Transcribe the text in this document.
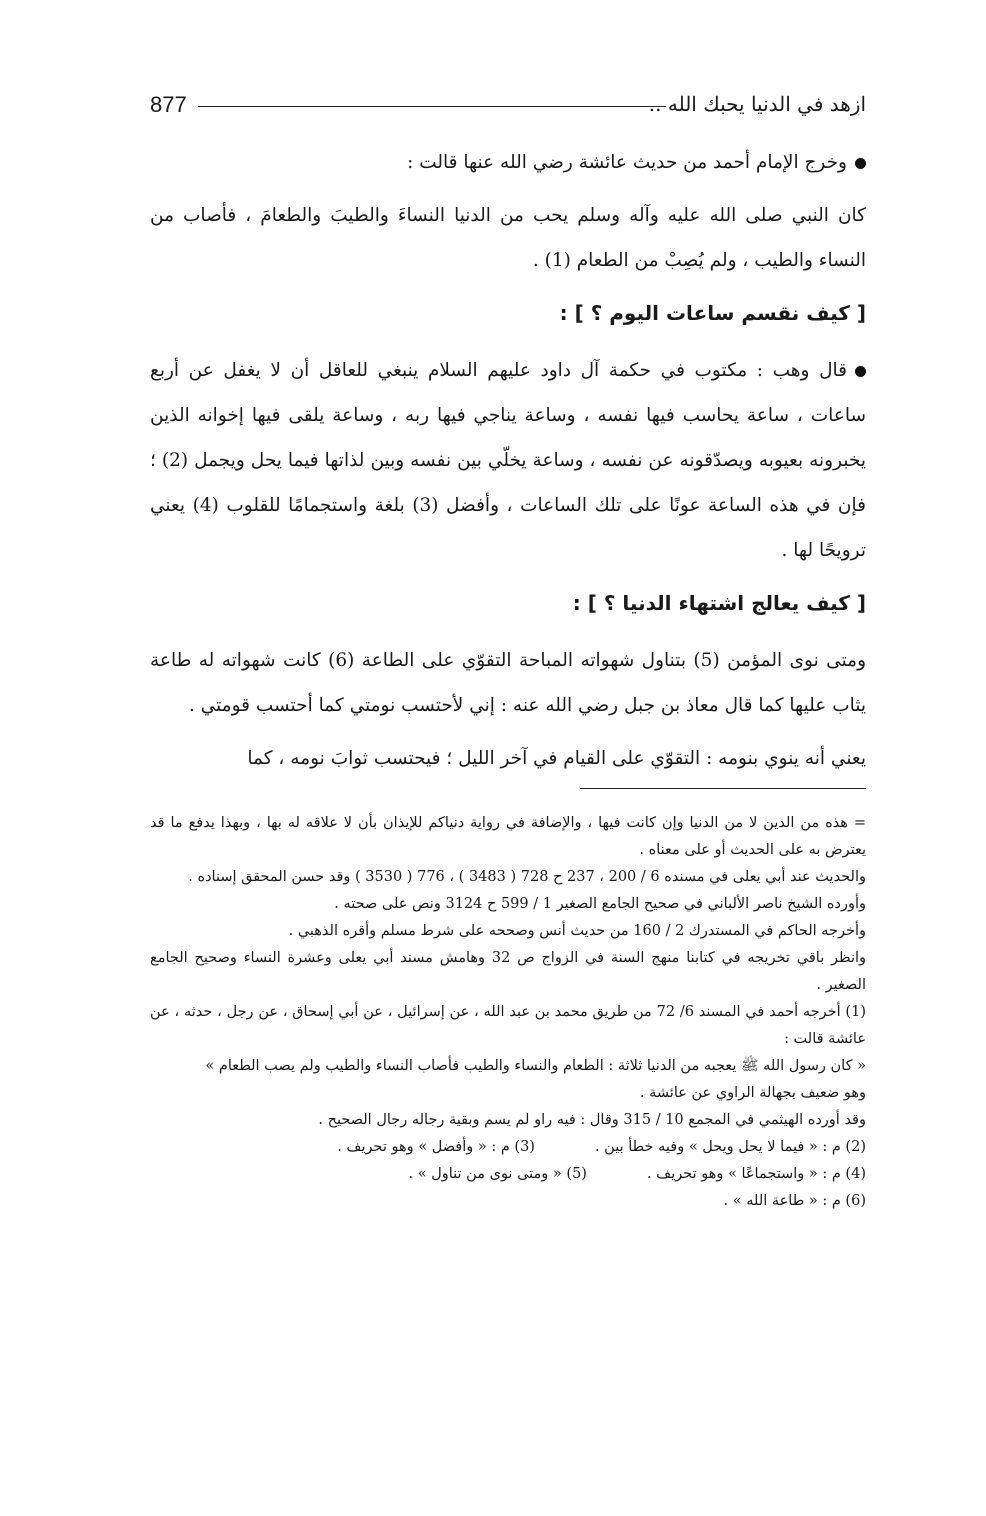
ازهد في الدنيا يحبك الله ..
877

وخرج الإمام أحمد من حديث عائشة رضي الله عنها قالت :

كان النبي صلى الله عليه وآله وسلم يحب من الدنيا النساءَ والطيبَ والطعامَ ، فأصاب من النساء والطيب ، ولم يُصِبْ من الطعام (1) .

[ كيف نقسم ساعات اليوم ؟ ] :

قال وهب : مكتوب في حكمة آل داود عليهم السلام ينبغي للعاقل أن لا يغفل عن أربع ساعات ، ساعة يحاسب فيها نفسه ، وساعة يناجي فيها ربه ، وساعة يلقى فيها إخوانه الذين يخبرونه بعيوبه ويصدّقونه عن نفسه ، وساعة يخلّي بين نفسه وبين لذاتها فيما يحل ويجمل (2) ؛ فإن في هذه الساعة عونًا على تلك الساعات ، وأفضل (3) بلغة واستجمامًا للقلوب (4) يعني ترويحًا لها .

[ كيف يعالج اشتهاء الدنيا ؟ ] :

ومتى نوى المؤمن (5) بتناول شهواته المباحة التقوّي على الطاعة (6) كانت شهواته له طاعة يثاب عليها كما قال معاذ بن جبل رضي الله عنه : إني لأحتسب نومتي كما أحتسب قومتي .

يعني أنه ينوي بنومه : التقوّي على القيام في آخر الليل ؛ فيحتسب ثوابَ نومه ، كما

= هذه من الدين لا من الدنيا وإن كانت فيها ، والإضافة في رواية دنياكم للإيذان بأن لا علاقه له بها ، وبهذا يدفع ما قد يعترض به على الحديث أو على معناه .

والحديث عند أبي يعلى في مسنده 6 / 200 ، 237 ح 728 ( 3483 ) ، 776 ( 3530 ) وقد حسن المحقق إسناده .

وأورده الشيخ ناصر الألباني في صحيح الجامع الصغير 1 / 599 ح 3124 ونص على صحته .

وأخرجه الحاكم في المستدرك 2 / 160 من حديث أنس وصححه على شرط مسلم وأقره الذهبي .

وانظر باقي تخريجه في كتابنا منهج السنة في الزواج ص 32 وهامش مسند أبي يعلى وعشرة النساء وصحيح الجامع الصغير .

(1) أخرجه أحمد في المسند 6/ 72 من طريق محمد بن عبد الله ، عن إسرائيل ، عن أبي إسحاق ، عن رجل ، حدثه ، عن عائشة قالت :

« كان رسول الله ﷺ يعجبه من الدنيا ثلاثة : الطعام والنساء والطيب فأصاب النساء والطيب ولم يصب الطعام »

وهو ضعيف بجهالة الراوي عن عائشة .

وقد أورده الهيثمي في المجمع 10 / 315 وقال : فيه راو لم يسم وبقية رجاله رجال الصحيح .

(2) م : « فيما لا يحل ويحل » وفيه خطأ بين .
(3) م : « وأفضل » وهو تحريف .

(4) م : « واستجماعًا » وهو تحريف .
(5) « ومتى نوى من تناول » .

(6) م : « طاعة الله » .
